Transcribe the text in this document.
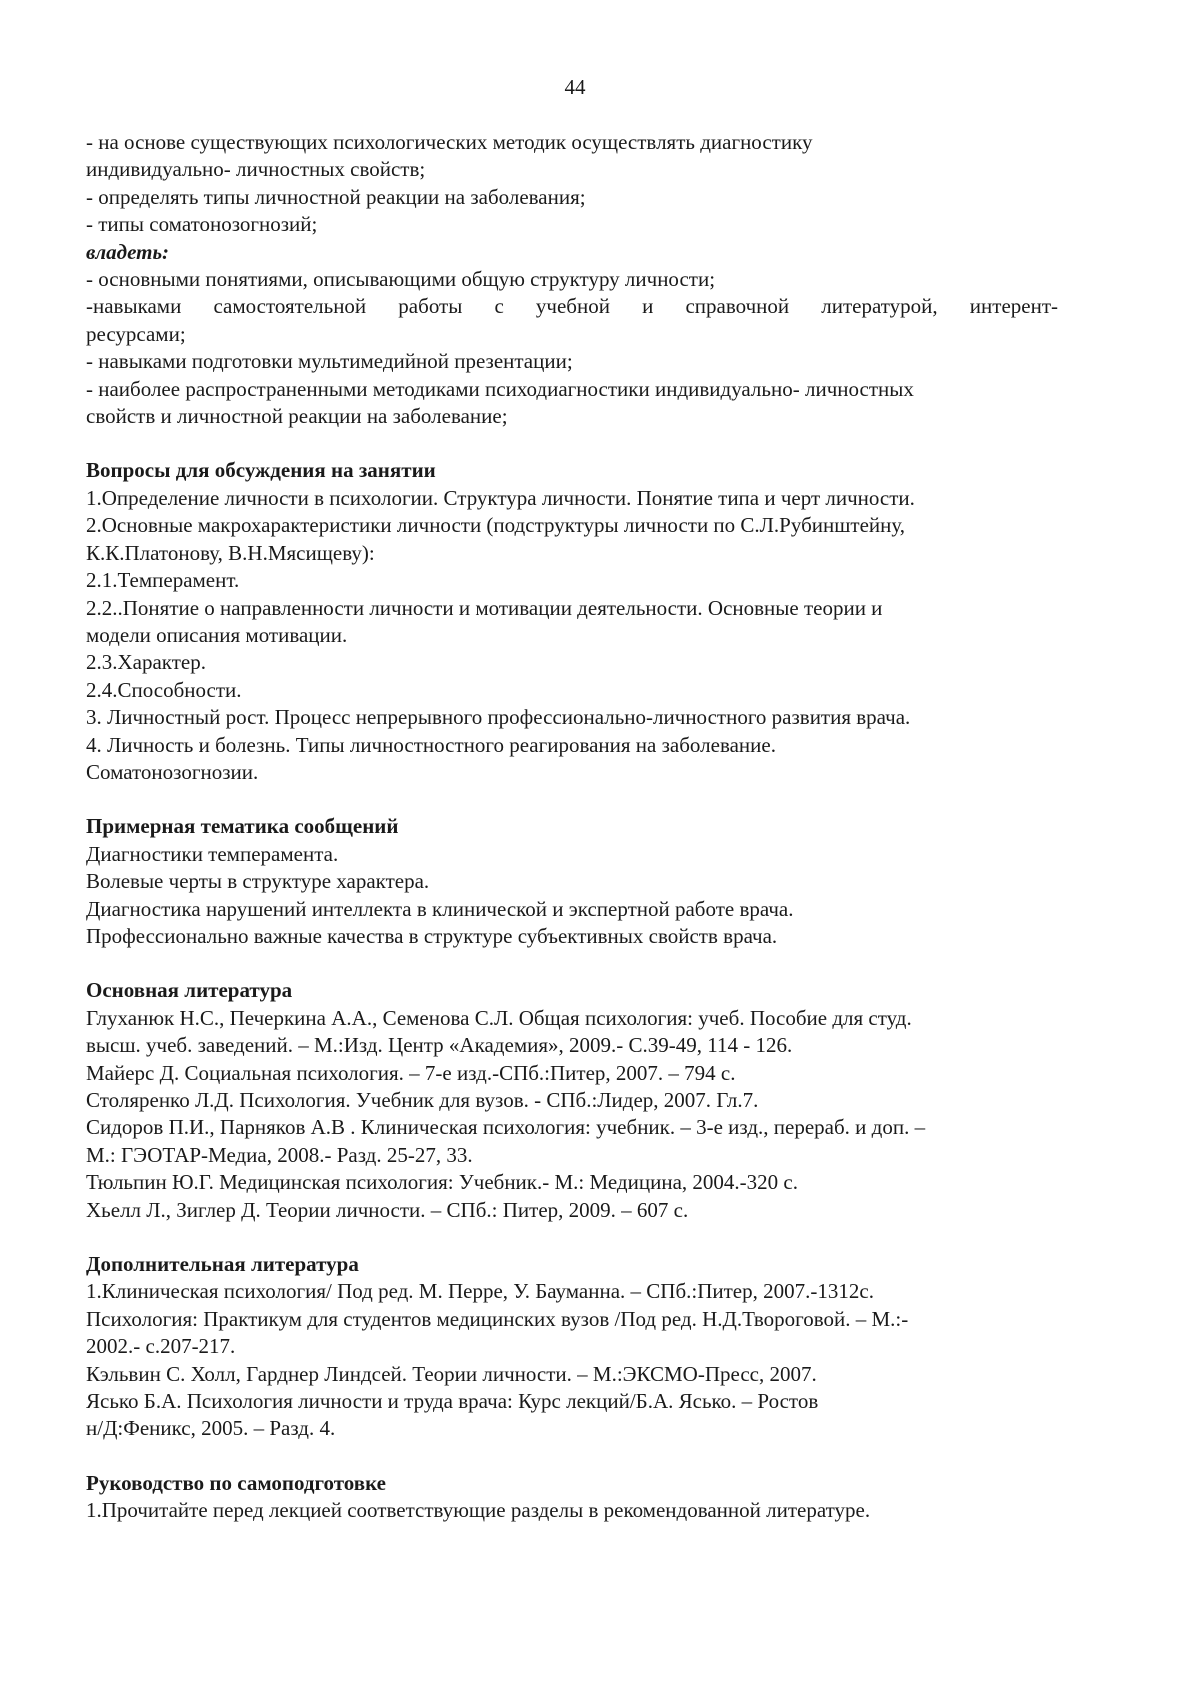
44
- на основе существующих психологических методик осуществлять диагностику
индивидуально- личностных свойств;
- определять типы личностной реакции на заболевания;
- типы соматонозогнозий;
владеть:
- основными понятиями, описывающими общую структуру личности;
-навыками самостоятельной работы с учебной и справочной литературой, интерент-
ресурсами;
- навыками подготовки мультимедийной презентации;
- наиболее распространенными методиками психодиагностики индивидуально- личностных
свойств и личностной реакции на заболевание;
Вопросы для обсуждения на занятии
1.Определение личности в психологии. Структура личности. Понятие типа и черт личности.
2.Основные макрохарактеристики личности (подструктуры личности по С.Л.Рубинштейну,
К.К.Платонову, В.Н.Мясищеву):
2.1.Темперамент.
2.2..Понятие о направленности личности и мотивации деятельности. Основные теории и
модели описания мотивации.
2.3.Характер.
2.4.Способности.
3. Личностный рост. Процесс непрерывного профессионально-личностного развития врача.
4. Личность и болезнь. Типы личностностного реагирования на заболевание.
Соматонозогнозии.
Примерная тематика сообщений
Диагностики темперамента.
Волевые черты в структуре характера.
Диагностика нарушений интеллекта в клинической и экспертной работе врача.
Профессионально важные качества в структуре субъективных свойств врача.
Основная литература
Глуханюк Н.С., Печеркина А.А., Семенова С.Л. Общая психология: учеб. Пособие для студ.
высш. учеб. заведений. – М.:Изд. Центр «Академия», 2009.- С.39-49, 114 - 126.
Майерс Д. Социальная психология. – 7-е изд.-СПб.:Питер, 2007. – 794 с.
Столяренко Л.Д. Психология. Учебник для вузов. - СПб.:Лидер, 2007. Гл.7.
Сидоров П.И., Парняков А.В . Клиническая психология: учебник. – 3-е изд., перераб. и доп. –
М.: ГЭОТАР-Медиа, 2008.- Разд. 25-27, 33.
Тюльпин Ю.Г. Медицинская психология: Учебник.- М.: Медицина, 2004.-320 с.
Хьелл Л., Зиглер Д. Теории личности. – СПб.: Питер, 2009. – 607 с.
Дополнительная литература
1.Клиническая психология/ Под ред. М. Перре, У. Бауманна. – СПб.:Питер, 2007.-1312с.
Психология: Практикум для студентов медицинских вузов /Под ред. Н.Д.Твороговой. – М.:-
2002.- с.207-217.
Кэльвин С. Холл, Гарднер Линдсей. Теории личности. – М.:ЭКСМО-Пресс, 2007.
Ясько Б.А. Психология личности и труда врача: Курс лекций/Б.А. Ясько. – Ростов
н/Д:Феникс, 2005. – Разд. 4.
Руководство по самоподготовке
1.Прочитайте перед лекцией соответствующие разделы в рекомендованной литературе.
